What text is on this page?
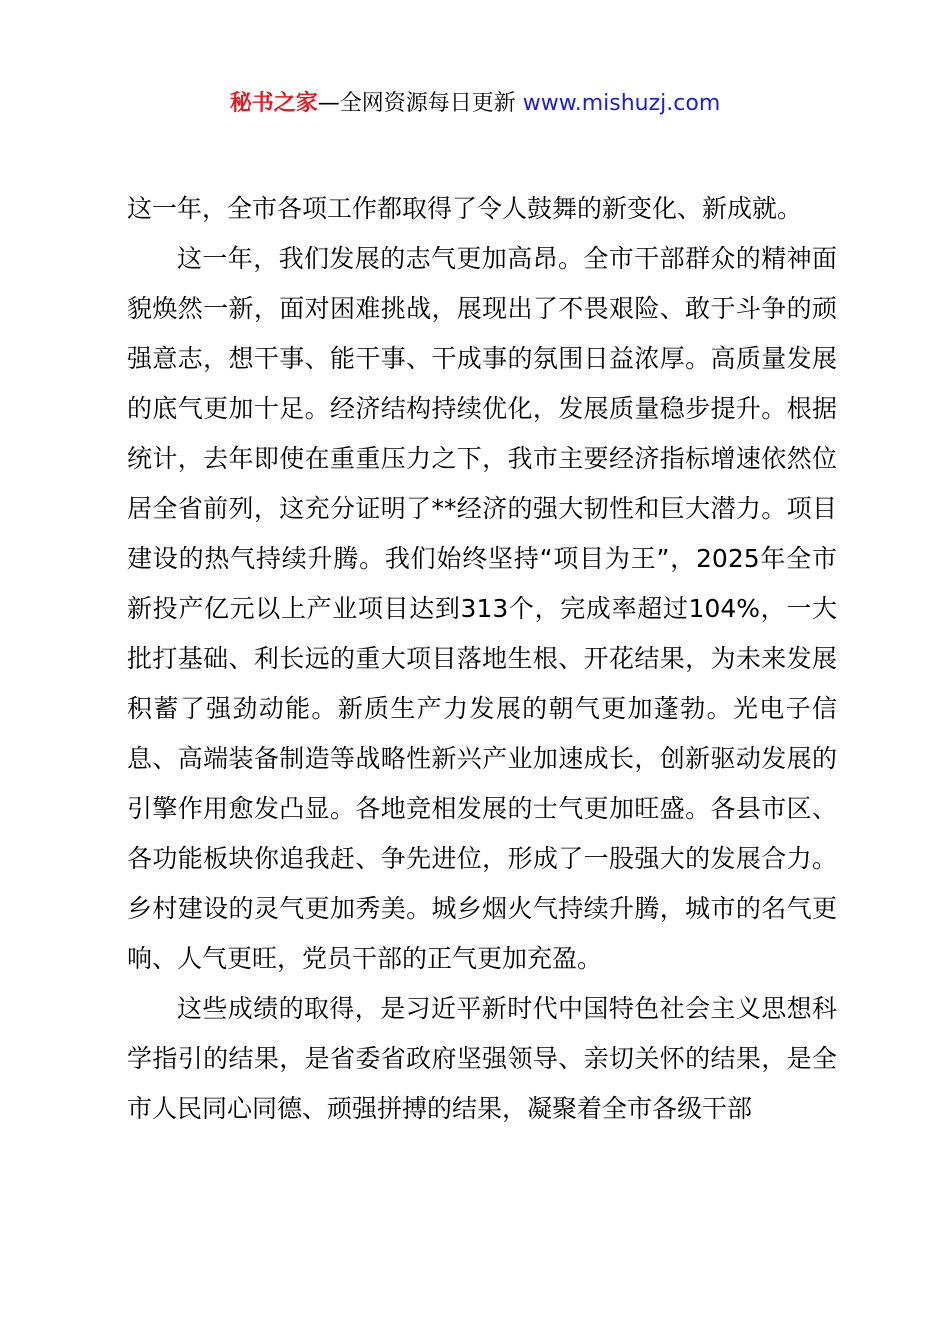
秘书之家—全网资源每日更新 www.mishuzj.com

这一年，全市各项工作都取得了令人鼓舞的新变化、新成就。

这一年，我们发展的志气更加高昂。全市干部群众的精神面貌焕然一新，面对困难挑战，展现出了不畏艰险、敢于斗争的顽强意志，想干事、能干事、干成事的氛围日益浓厚。高质量发展的底气更加十足。经济结构持续优化，发展质量稳步提升。根据统计，去年即使在重重压力之下，我市主要经济指标增速依然位居全省前列，这充分证明了**经济的强大韧性和巨大潜力。项目建设的热气持续升腾。我们始终坚持“项目为王”，2025年全市新投产亿元以上产业项目达到313个，完成率超过104%，一大批打基础、利长远的重大项目落地生根、开花结果，为未来发展积蓄了强劲动能。新质生产力发展的朝气更加蓬勃。光电子信息、高端装备制造等战略性新兴产业加速成长，创新驱动发展的引擎作用愈发凸显。各地竞相发展的士气更加旺盛。各县市区、各功能板块你追我赶、争先进位，形成了一股强大的发展合力。乡村建设的灵气更加秀美。城乡烟火气持续升腾，城市的名气更响、人气更旺，党员干部的正气更加充盈。

这些成绩的取得，是习近平新时代中国特色社会主义思想科学指引的结果，是省委省政府坚强领导、亲切关怀的结果，是全市人民同心同德、顽强拼搏的结果，凝聚着全市各级干部
